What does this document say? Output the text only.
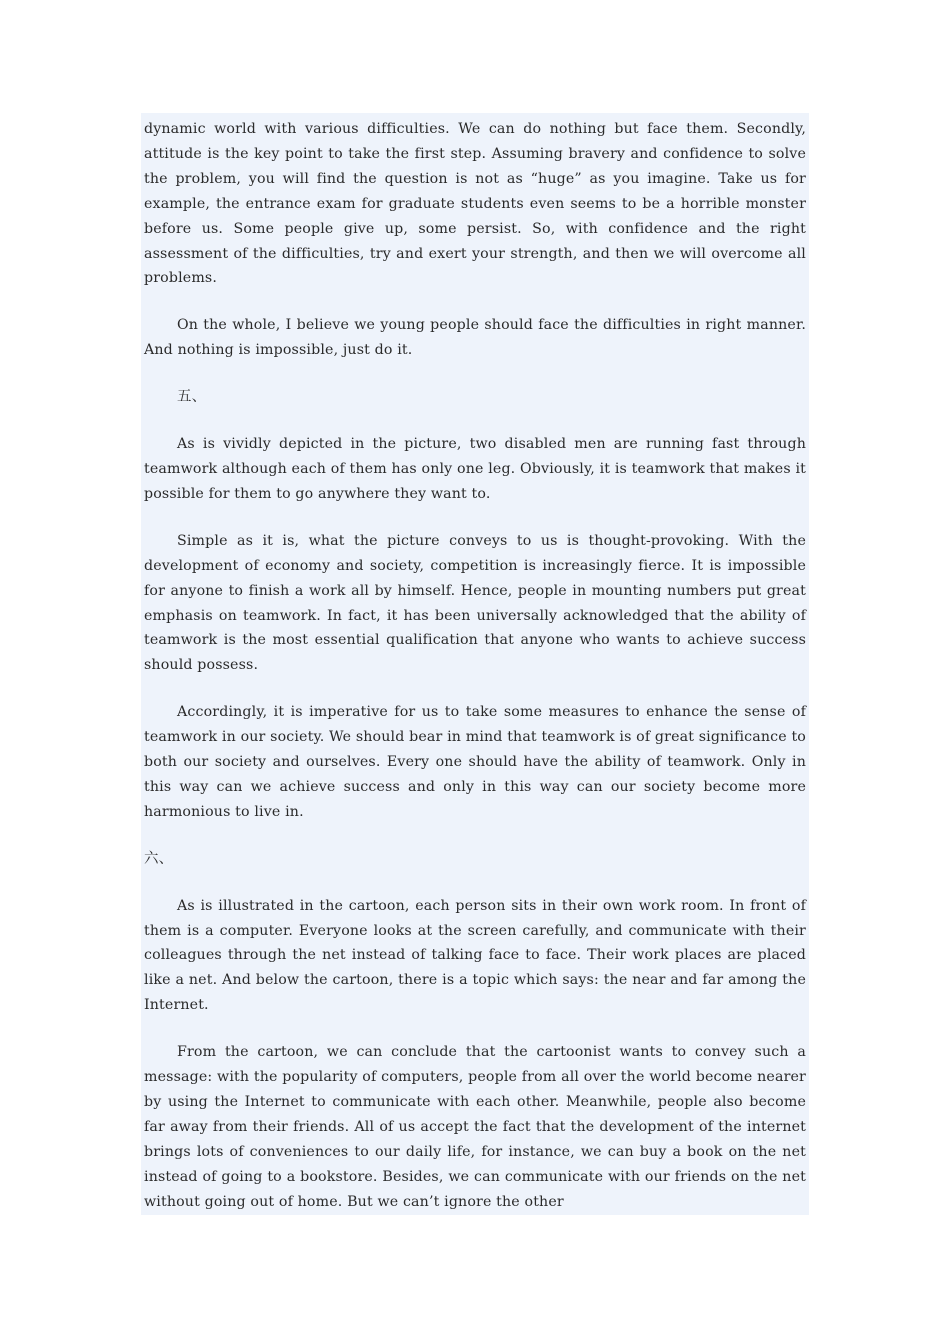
dynamic world with various difficulties. We can do nothing but face them. Secondly, attitude is the key point to take the first step. Assuming bravery and confidence to solve the problem, you will find the question is not as “huge” as you imagine. Take us for example, the entrance exam for graduate students even seems to be a horrible monster before us. Some people give up, some persist. So, with confidence and the right assessment of the difficulties, try and exert your strength, and then we will overcome all problems.

On the whole, I believe we young people should face the difficulties in right manner. And nothing is impossible, just do it.

五、

As is vividly depicted in the picture, two disabled men are running fast through teamwork although each of them has only one leg. Obviously, it is teamwork that makes it possible for them to go anywhere they want to.

Simple as it is, what the picture conveys to us is thought-provoking. With the development of economy and society, competition is increasingly fierce. It is impossible for anyone to finish a work all by himself. Hence, people in mounting numbers put great emphasis on teamwork. In fact, it has been universally acknowledged that the ability of teamwork is the most essential qualification that anyone who wants to achieve success should possess.

Accordingly, it is imperative for us to take some measures to enhance the sense of teamwork in our society. We should bear in mind that teamwork is of great significance to both our society and ourselves. Every one should have the ability of teamwork. Only in this way can we achieve success and only in this way can our society become more harmonious to live in.

六、

As is illustrated in the cartoon, each person sits in their own work room. In front of them is a computer. Everyone looks at the screen carefully, and communicate with their colleagues through the net instead of talking face to face. Their work places are placed like a net. And below the cartoon, there is a topic which says: the near and far among the Internet.

From the cartoon, we can conclude that the cartoonist wants to convey such a message: with the popularity of computers, people from all over the world become nearer by using the Internet to communicate with each other. Meanwhile, people also become far away from their friends. All of us accept the fact that the development of the internet brings lots of conveniences to our daily life, for instance, we can buy a book on the net instead of going to a bookstore. Besides, we can communicate with our friends on the net without going out of home. But we can’t ignore the other
